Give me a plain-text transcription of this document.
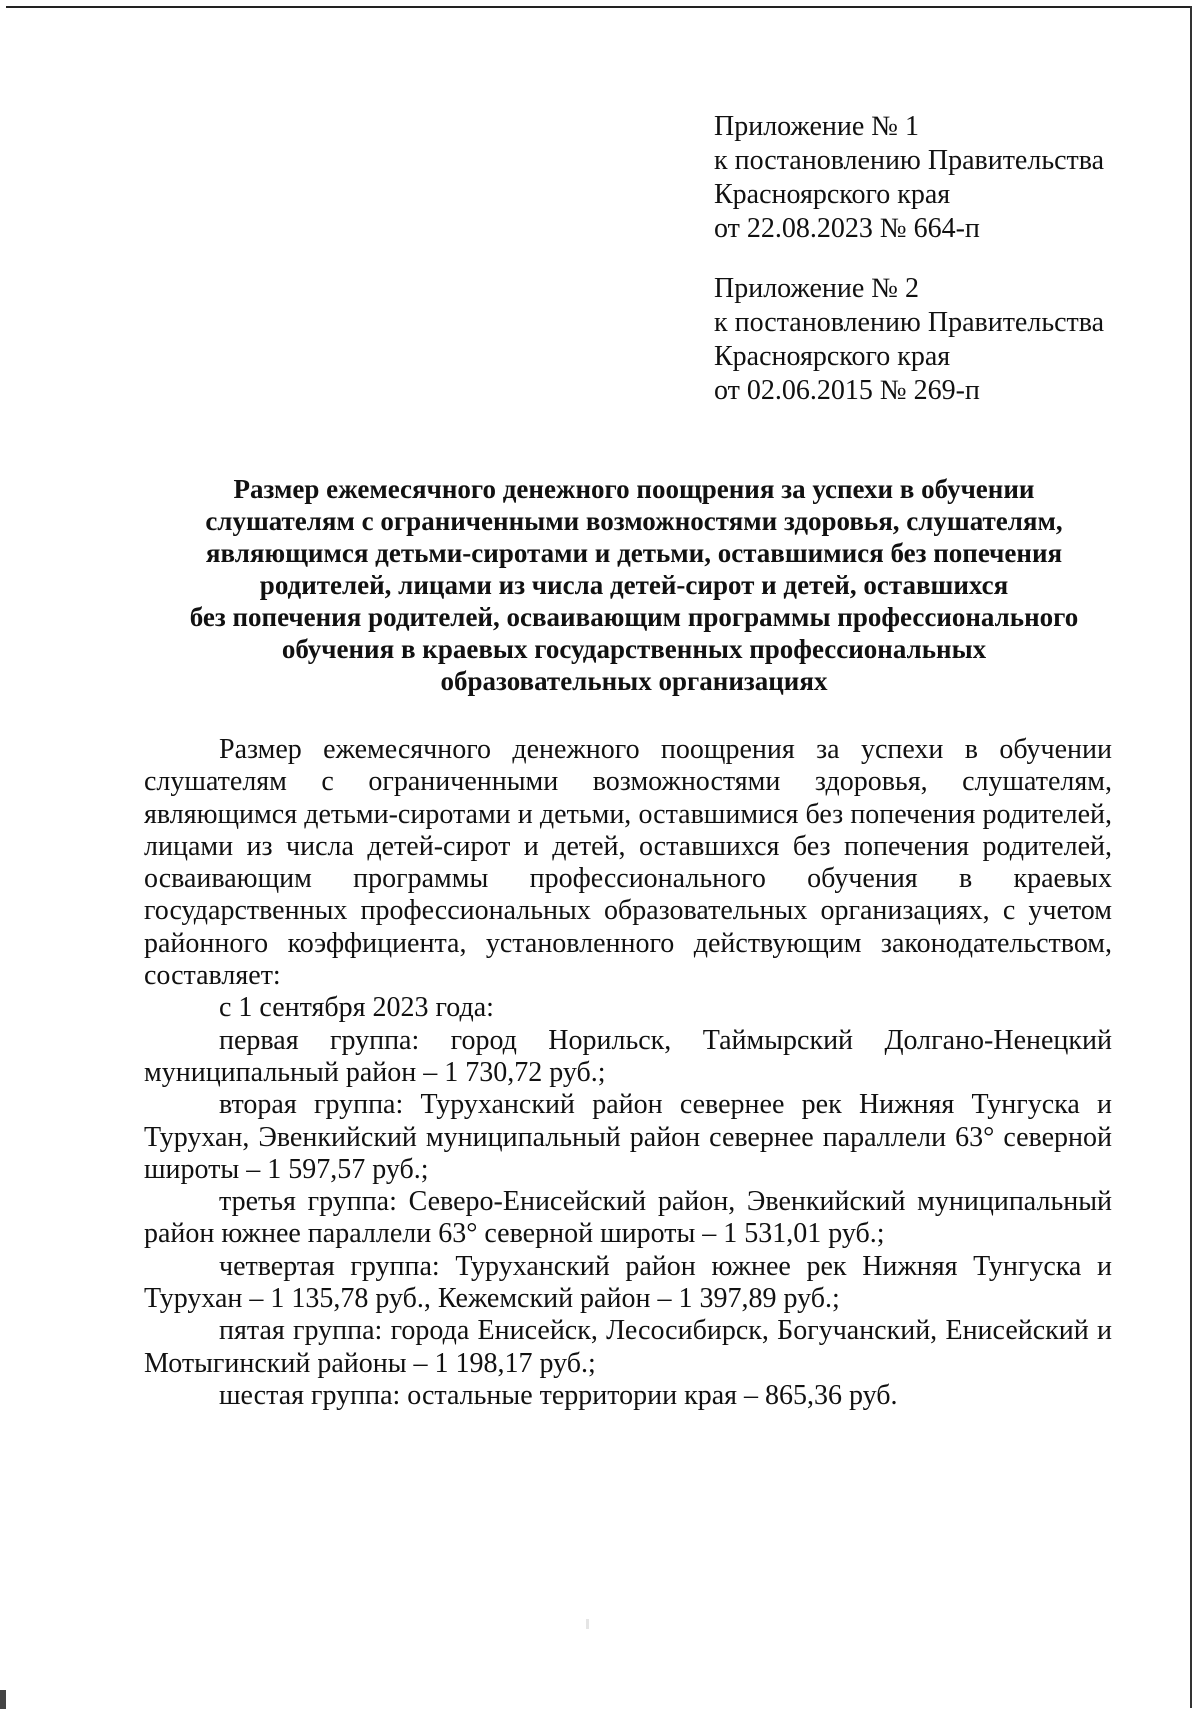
Приложение № 1
к постановлению Правительства
Красноярского края
от 22.08.2023 № 664-п
Приложение № 2
к постановлению Правительства
Красноярского края
от 02.06.2015 № 269-п
Размер ежемесячного денежного поощрения за успехи в обучении
слушателям с ограниченными возможностями здоровья, слушателям,
являющимся детьми-сиротами и детьми, оставшимися без попечения
родителей, лицами из числа детей-сирот и детей, оставшихся
без попечения родителей, осваивающим программы профессионального
обучения в краевых государственных профессиональных
образовательных организациях

Размер ежемесячного денежного поощрения за успехи в обучении слушателям с ограниченными возможностями здоровья, слушателям, являющимся детьми-сиротами и детьми, оставшимися без попечения родителей, лицами из числа детей-сирот и детей, оставшихся без попечения родителей, осваивающим программы профессионального обучения в краевых государственных профессиональных образовательных организациях, с учетом районного коэффициента, установленного действующим законодательством, составляет:

с 1 сентября 2023 года:

первая группа: город Норильск, Таймырский Долгано-Ненецкий муниципальный район – 1 730,72 руб.;

вторая группа: Туруханский район севернее рек Нижняя Тунгуска и Турухан, Эвенкийский муниципальный район севернее параллели 63° северной широты – 1 597,57 руб.;

третья группа: Северо-Енисейский район, Эвенкийский муниципальный район южнее параллели 63° северной широты – 1 531,01 руб.;

четвертая группа: Туруханский район южнее рек Нижняя Тунгуска и Турухан – 1 135,78 руб., Кежемский район – 1 397,89 руб.;

пятая группа: города Енисейск, Лесосибирск, Богучанский, Енисейский и Мотыгинский районы – 1 198,17 руб.;

шестая группа: остальные территории края – 865,36 руб.
